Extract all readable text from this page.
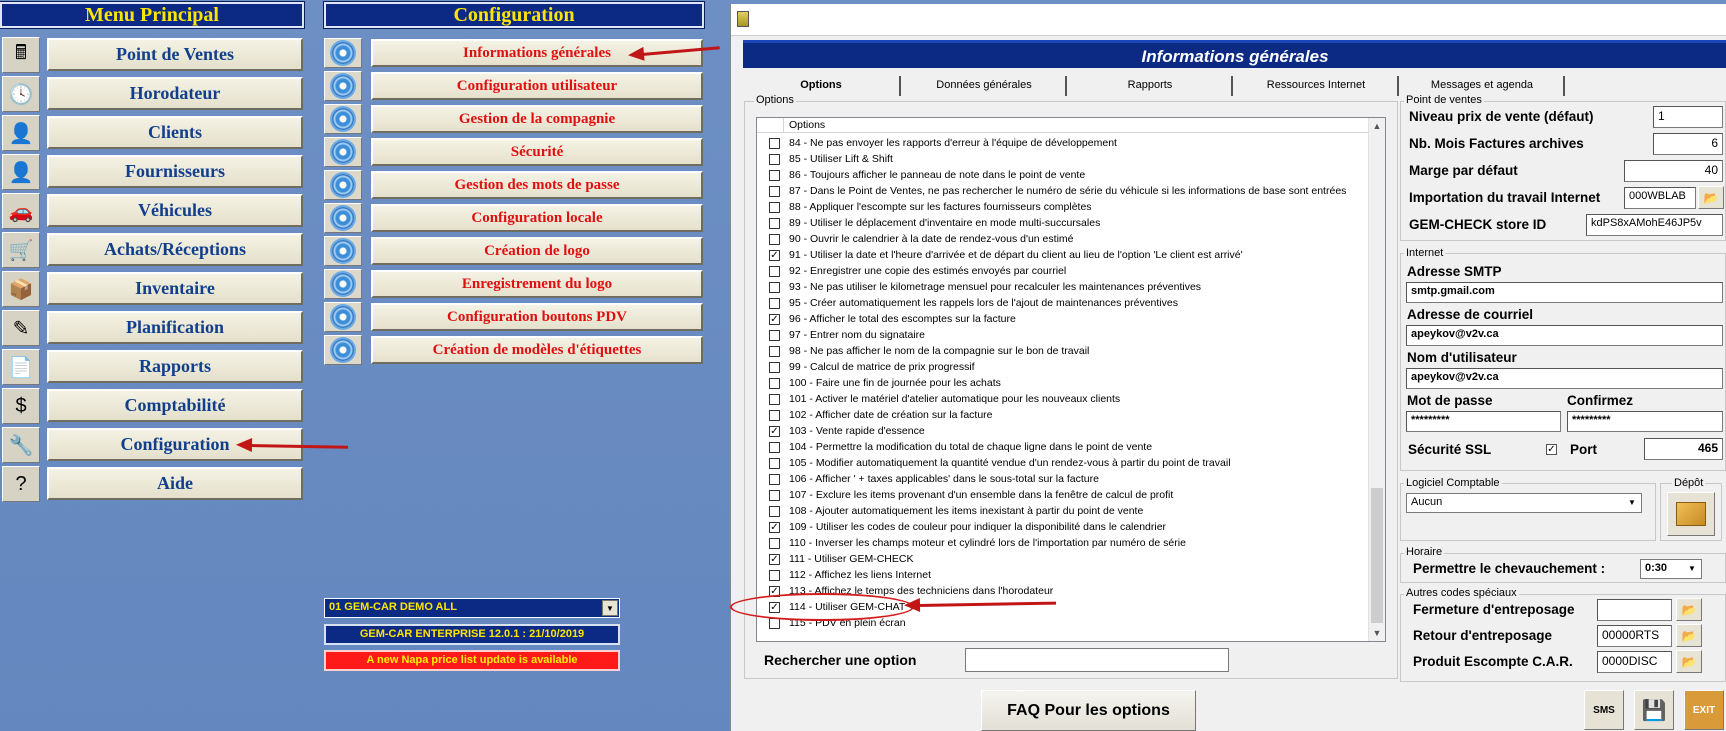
Menu Principal
🖩	Point de Ventes
🕓	Horodateur
👤	Clients
👤	Fournisseurs
🚗	Véhicules
🛒	Achats/Réceptions
📦	Inventaire
✎	Planification
📄	Rapports
$	Comptabilité
🔧	Configuration
?	Aide
Configuration
Informations générales
Configuration utilisateur
Gestion de la compagnie
Sécurité
Gestion des mots de passe
Configuration locale
Création de logo
Enregistrement du logo
Configuration boutons PDV
Création de modèles d'étiquettes
01 GEM-CAR DEMO ALL	▼
GEM-CAR ENTERPRISE 12.0.1 : 21/10/2019
A new Napa price list update is available
Informations générales
Options	Données générales	Rapports	Ressources Internet	Messages et agenda
Options
Options
84 - Ne pas envoyer les rapports d'erreur à l'équipe de développement
85 - Utiliser Lift & Shift
86 - Toujours afficher le panneau de note dans le point de vente
87 - Dans le Point de Ventes, ne pas rechercher le numéro de série du véhicule si les informations de base sont entrées
88 - Appliquer l'escompte sur les factures fournisseurs complètes
89 - Utiliser le déplacement d'inventaire en mode multi-succursales
90 - Ouvrir le calendrier à la date de rendez-vous d'un estimé
✓ 91 - Utiliser la date et l'heure d'arrivée et de départ du client au lieu de l'option 'Le client est arrivé'
92 - Enregistrer une copie des estimés envoyés par courriel
93 - Ne pas utiliser le kilometrage mensuel pour recalculer les maintenances préventives
95 - Créer automatiquement les rappels lors de l'ajout de maintenances préventives
✓ 96 - Afficher le total des escomptes sur la facture
97 - Entrer nom du signataire
98 - Ne pas afficher le nom de la compagnie sur le bon de travail
99 - Calcul de matrice de prix progressif
100 - Faire une fin de journée pour les achats
101 - Activer le matériel d'atelier automatique pour les nouveaux clients
102 - Afficher date de création sur la facture
✓ 103 - Vente rapide d'essence
104 - Permettre la modification du total de chaque ligne dans le point de vente
105 - Modifier automatiquement la quantité vendue d'un rendez-vous à partir du point de travail
106 - Afficher ' + taxes applicables' dans le sous-total sur la facture
107 - Exclure les items provenant d'un ensemble dans la fenêtre de calcul de profit
108 - Ajouter automatiquement les items inexistant à partir du point de vente
✓ 109 - Utiliser les codes de couleur pour indiquer la disponibilité dans le calendrier
110 - Inverser les champs moteur et cylindré lors de l'importation par numéro de série
✓ 111 - Utiliser GEM-CHECK
112 - Affichez les liens Internet
✓ 113 - Affichez le temps des techniciens dans l'horodateur
✓ 114 - Utiliser GEM-CHAT
115 - PDV en plein écran
▲
▼
Rechercher une option
Point de ventes
Niveau prix de vente (défaut)	1
Nb. Mois Factures archives	6
Marge par défaut	40
Importation du travail Internet	000WBLAB	📂
GEM-CHECK store ID	kdPS8xAMohE46JP5v
Internet
Adresse SMTP
smtp.gmail.com
Adresse de courriel
apeykov@v2v.ca
Nom d'utilisateur
apeykov@v2v.ca
Mot de passe	Confirmez
*********	*********
Sécurité SSL	✓ Port	465
Logiciel Comptable
Aucun	▼
Dépôt
Horaire
Permettre le chevauchement :	0:30	▼
Autres codes spéciaux
Fermeture d'entreposage	📂
Retour d'entreposage	00000RTS	📂
Produit Escompte C.A.R.	0000DISC	📂
FAQ Pour les options	SMS 💾	EXIT
